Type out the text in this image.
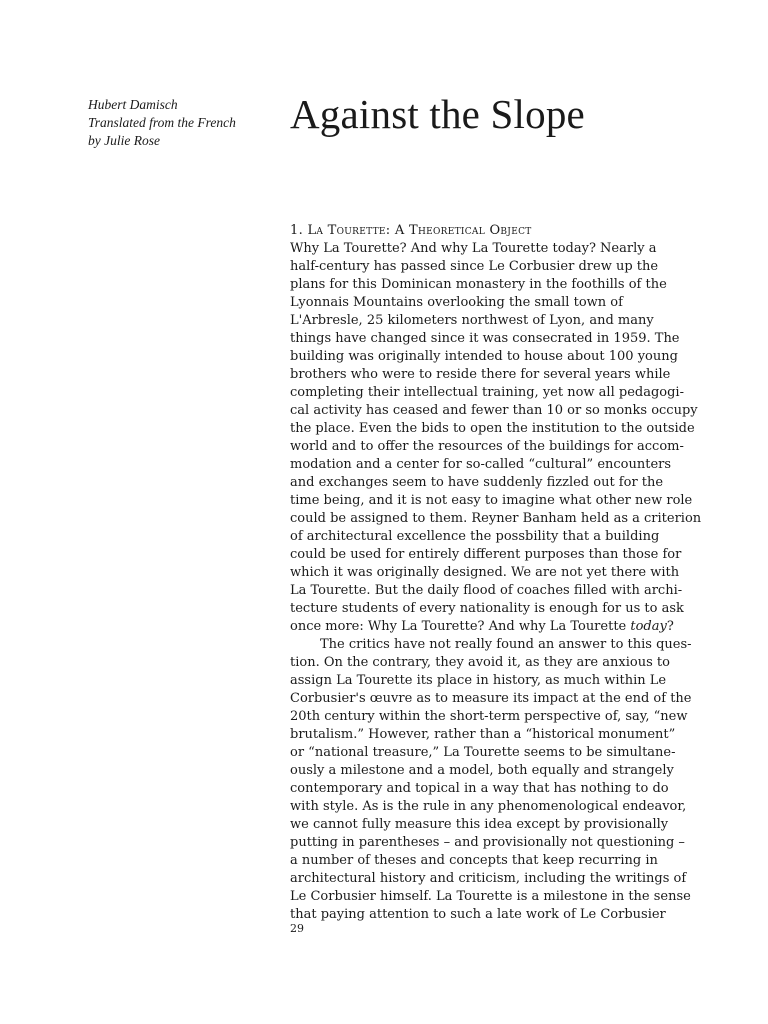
Hubert Damisch
Translated from the French
by Julie Rose
Against the Slope
1. La Tourette: A Theoretical Object
Why La Tourette? And why La Tourette today? Nearly a
half-century has passed since Le Corbusier drew up the
plans for this Dominican monastery in the foothills of the
Lyonnais Mountains overlooking the small town of
L'Arbresle, 25 kilometers northwest of Lyon, and many
things have changed since it was consecrated in 1959. The
building was originally intended to house about 100 young
brothers who were to reside there for several years while
completing their intellectual training, yet now all pedagogi-
cal activity has ceased and fewer than 10 or so monks occupy
the place. Even the bids to open the institution to the outside
world and to offer the resources of the buildings for accom-
modation and a center for so-called “cultural” encounters
and exchanges seem to have suddenly fizzled out for the
time being, and it is not easy to imagine what other new role
could be assigned to them. Reyner Banham held as a criterion
of architectural excellence the possbility that a building
could be used for entirely different purposes than those for
which it was originally designed. We are not yet there with
La Tourette. But the daily flood of coaches filled with archi-
tecture students of every nationality is enough for us to ask
once more: Why La Tourette? And why La Tourette today?
The critics have not really found an answer to this ques-
tion. On the contrary, they avoid it, as they are anxious to
assign La Tourette its place in history, as much within Le
Corbusier's œuvre as to measure its impact at the end of the
20th century within the short-term perspective of, say, “new
brutalism.” However, rather than a “historical monument”
or “national treasure,” La Tourette seems to be simultane-
ously a milestone and a model, both equally and strangely
contemporary and topical in a way that has nothing to do
with style. As is the rule in any phenomenological endeavor,
we cannot fully measure this idea except by provisionally
putting in parentheses – and provisionally not questioning –
a number of theses and concepts that keep recurring in
architectural history and criticism, including the writings of
Le Corbusier himself. La Tourette is a milestone in the sense
that paying attention to such a late work of Le Corbusier
29
